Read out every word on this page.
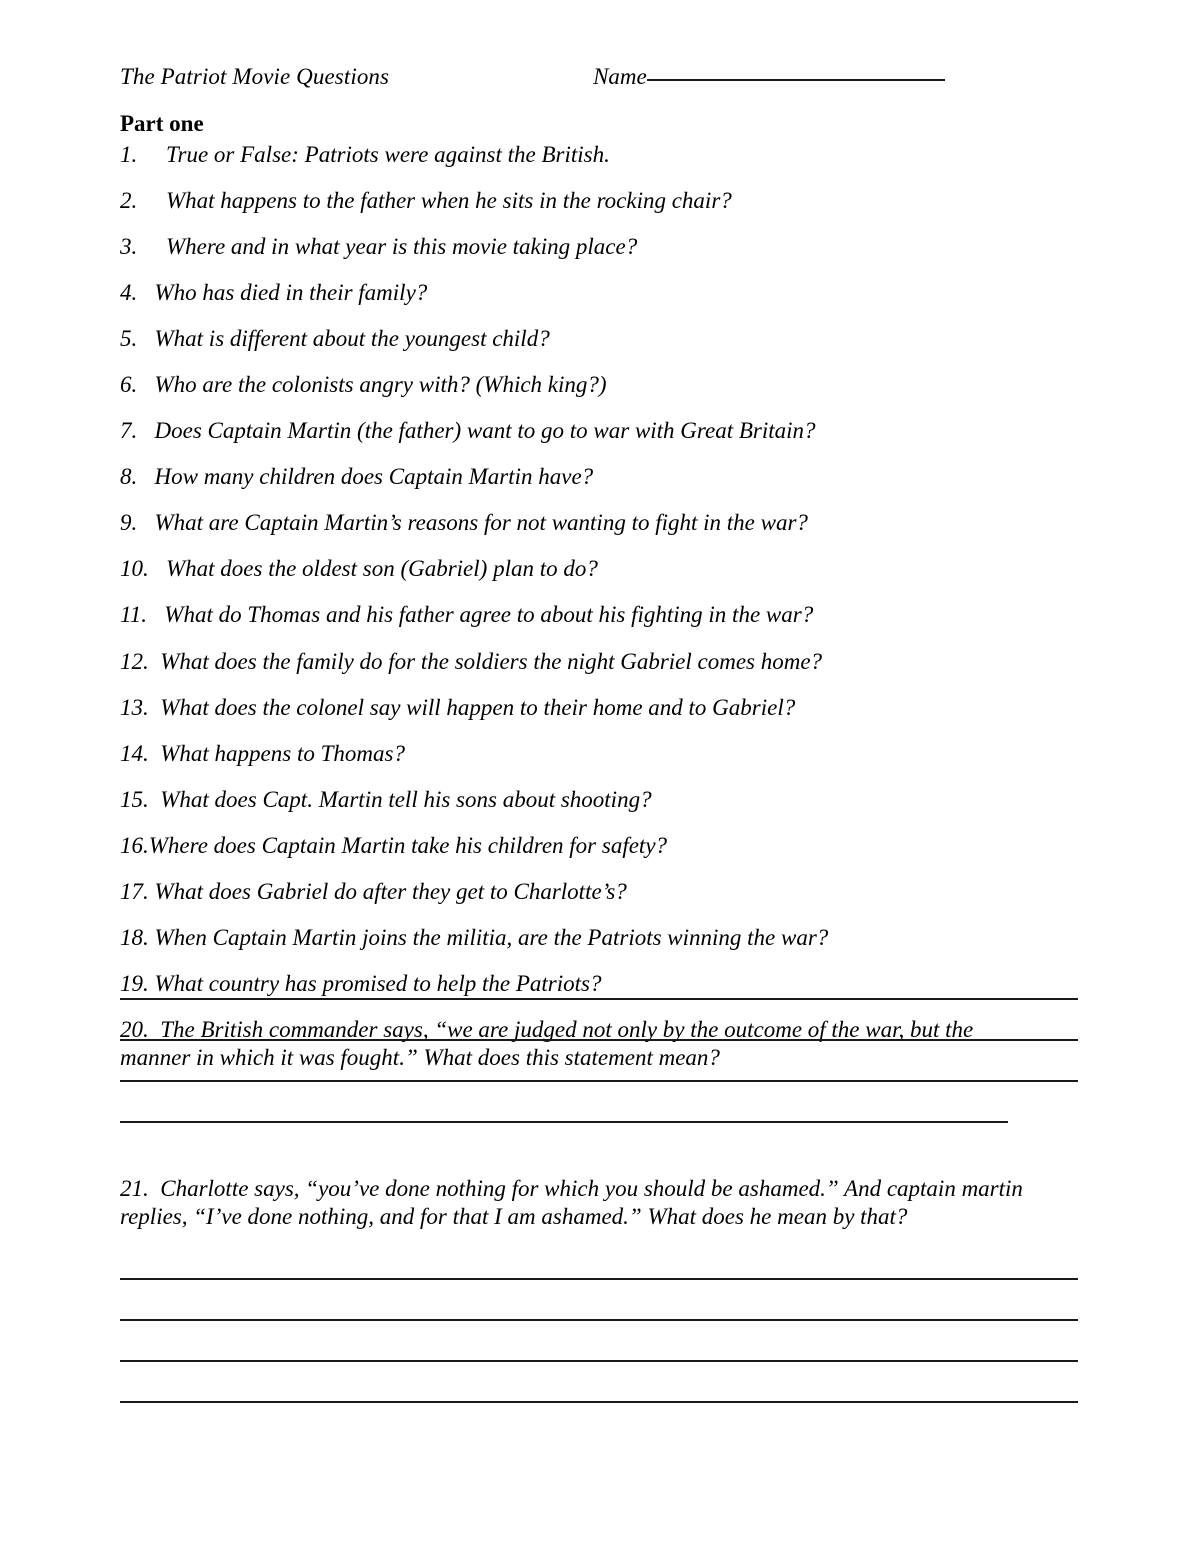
The Patriot Movie Questions	Name
Part one
1.     True or False: Patriots were against the British.
2.     What happens to the father when he sits in the rocking chair?
3.     Where and in what year is this movie taking place?
4.   Who has died in their family?
5.   What is different about the youngest child?
6.   Who are the colonists angry with? (Which king?)
7.   Does Captain Martin (the father) want to go to war with Great Britain?
8.   How many children does Captain Martin have?
9.   What are Captain Martin’s reasons for not wanting to fight in the war?
10.   What does the oldest son (Gabriel) plan to do?
11.   What do Thomas and his father agree to about his fighting in the war?
12.  What does the family do for the soldiers the night Gabriel comes home?
13.  What does the colonel say will happen to their home and to Gabriel?
14.  What happens to Thomas?
15.  What does Capt. Martin tell his sons about shooting?
16.Where does Captain Martin take his children for safety?
17. What does Gabriel do after they get to Charlotte’s?
18. When Captain Martin joins the militia, are the Patriots winning the war?
19. What country has promised to help the Patriots?
20.  The British commander says, “we are judged not only by the outcome of the war, but the manner in which it was fought.” What does this statement mean?
21.  Charlotte says, “you’ve done nothing for which you should be ashamed.” And captain martin replies, “I’ve done nothing, and for that I am ashamed.” What does he mean by that?
